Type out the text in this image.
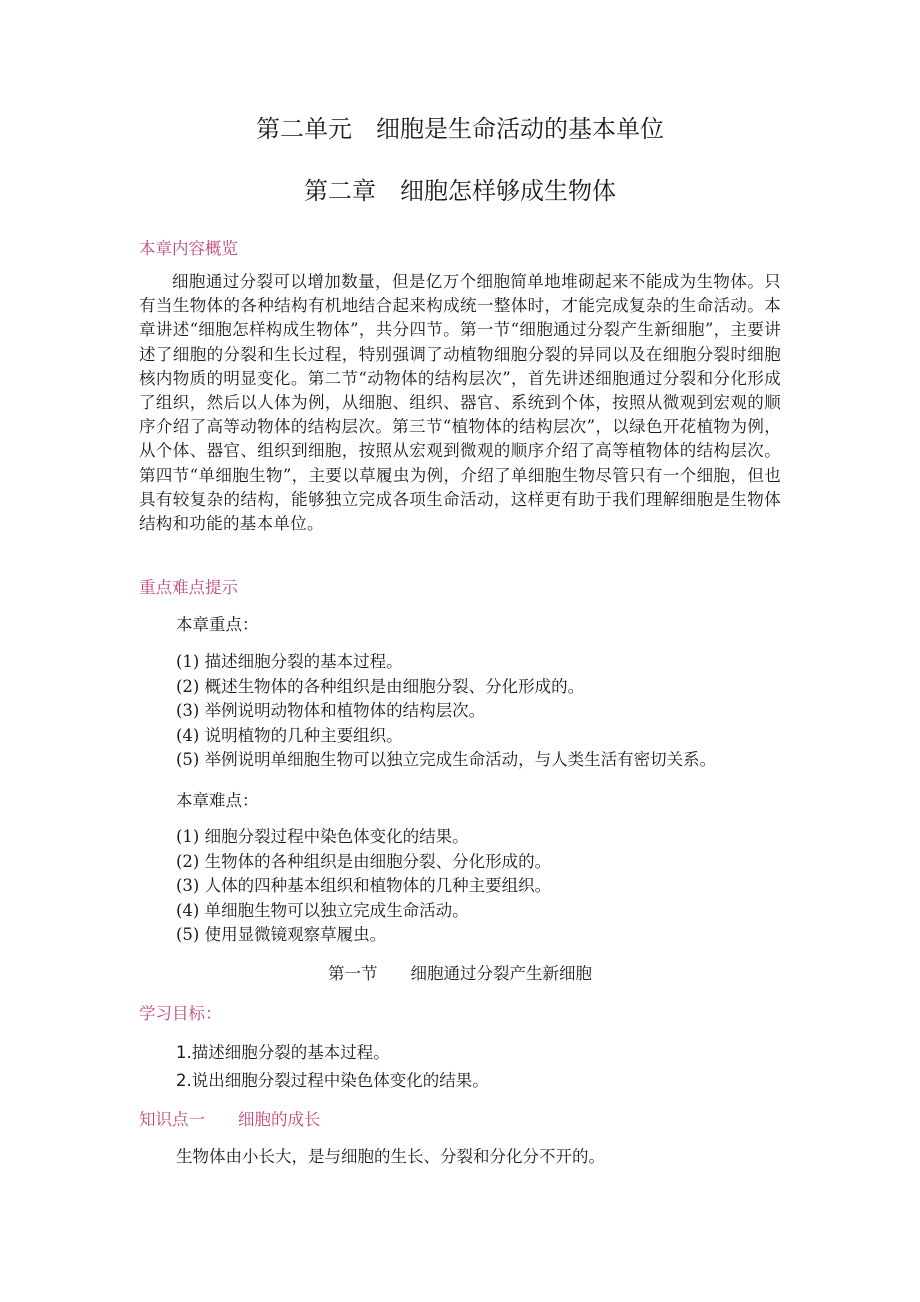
第二单元　细胞是生命活动的基本单位
第二章　细胞怎样够成生物体
本章内容概览
细胞通过分裂可以增加数量，但是亿万个细胞简单地堆砌起来不能成为生物体。只有当生物体的各种结构有机地结合起来构成统一整体时，才能完成复杂的生命活动。本章讲述“细胞怎样构成生物体”，共分四节。第一节“细胞通过分裂产生新细胞”，主要讲述了细胞的分裂和生长过程，特别强调了动植物细胞分裂的异同以及在细胞分裂时细胞核内物质的明显变化。第二节“动物体的结构层次”，首先讲述细胞通过分裂和分化形成了组织，然后以人体为例，从细胞、组织、器官、系统到个体，按照从微观到宏观的顺序介绍了高等动物体的结构层次。第三节“植物体的结构层次”，以绿色开花植物为例，从个体、器官、组织到细胞，按照从宏观到微观的顺序介绍了高等植物体的结构层次。第四节“单细胞生物”，主要以草履虫为例，介绍了单细胞生物尽管只有一个细胞，但也具有较复杂的结构，能够独立完成各项生命活动，这样更有助于我们理解细胞是生物体结构和功能的基本单位。
重点难点提示
本章重点：
(1) 描述细胞分裂的基本过程。
(2) 概述生物体的各种组织是由细胞分裂、分化形成的。
(3) 举例说明动物体和植物体的结构层次。
(4) 说明植物的几种主要组织。
(5) 举例说明单细胞生物可以独立完成生命活动，与人类生活有密切关系。
本章难点：
(1) 细胞分裂过程中染色体变化的结果。
(2) 生物体的各种组织是由细胞分裂、分化形成的。
(3) 人体的四种基本组织和植物体的几种主要组织。
(4) 单细胞生物可以独立完成生命活动。
(5) 使用显微镜观察草履虫。
第一节　　细胞通过分裂产生新细胞
学习目标：
1.描述细胞分裂的基本过程。
2.说出细胞分裂过程中染色体变化的结果。
知识点一　　细胞的成长
生物体由小长大，是与细胞的生长、分裂和分化分不开的。
